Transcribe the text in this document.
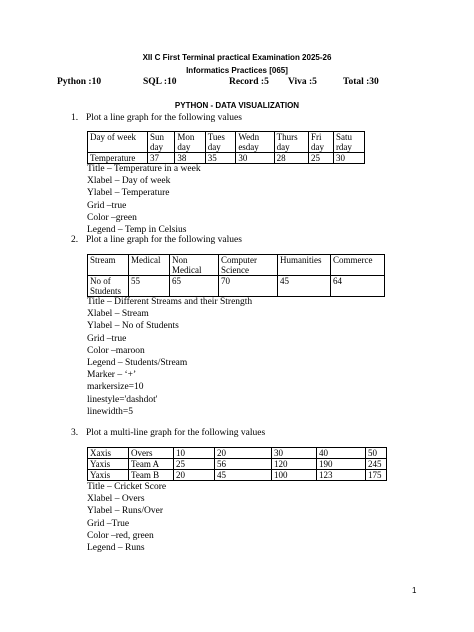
XII C First Terminal practical Examination 2025-26
Informatics Practices [065]
Python :10	SQL :10	Record :5 Viva :5	Total :30
PYTHON - DATA VISUALIZATION
1. Plot a line graph for the following values
Day of week	Sun day	Mon day	Tues day	Wedn esday	Thurs day	Fri day	Satu rday
Temperature	37	38	35	30	28	25	30
Title – Temperature in a week
Xlabel – Day of week
Ylabel – Temperature
Grid –true
Color –green
Legend – Temp in Celsius
2. Plot a line graph for the following values
Stream	Medical	Non Medical	Computer Science	Humanities	Commerce
No of Students	55	65	70	45	64
Title – Different Streams and their Strength
Xlabel – Stream
Ylabel – No of Students
Grid –true
Color –maroon
Legend – Students/Stream
Marker – ‘+’
markersize=10
linestyle='dashdot'
linewidth=5
3. Plot a multi-line graph for the following values
Xaxis	Overs	10	20	30	40	50
Yaxis	Team A	25	56	120	190	245
Yaxis	Team B	20	45	100	123	175
Title – Cricket Score
Xlabel – Overs
Ylabel – Runs/Over
Grid –True
Color –red, green
Legend – Runs
1
